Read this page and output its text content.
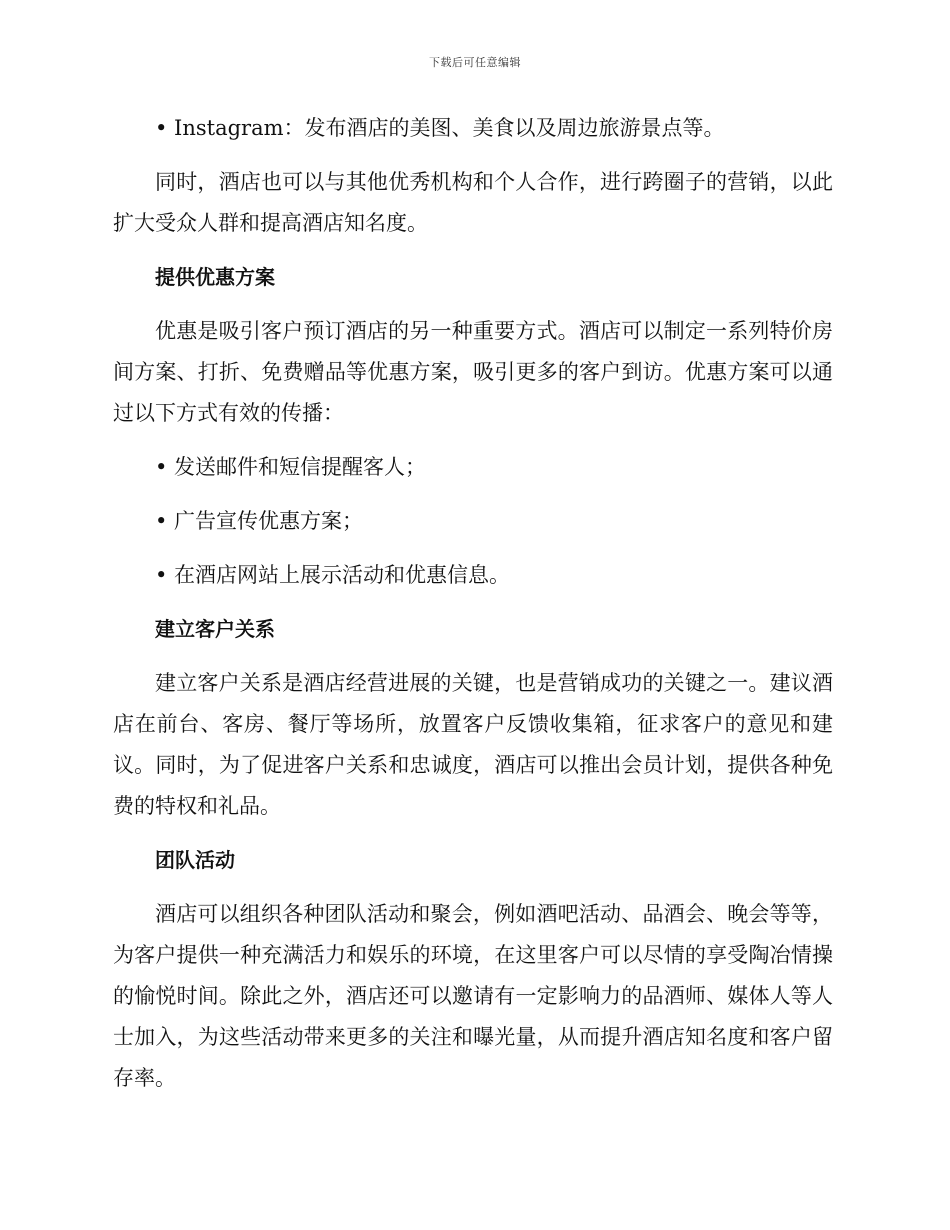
下载后可任意编辑
• Instagram：发布酒店的美图、美食以及周边旅游景点等。
同时，酒店也可以与其他优秀机构和个人合作，进行跨圈子的营销，以此扩大受众人群和提高酒店知名度。
提供优惠方案
优惠是吸引客户预订酒店的另一种重要方式。酒店可以制定一系列特价房间方案、打折、免费赠品等优惠方案，吸引更多的客户到访。优惠方案可以通过以下方式有效的传播：
• 发送邮件和短信提醒客人；
• 广告宣传优惠方案；
• 在酒店网站上展示活动和优惠信息。
建立客户关系
建立客户关系是酒店经营进展的关键，也是营销成功的关键之一。建议酒店在前台、客房、餐厅等场所，放置客户反馈收集箱，征求客户的意见和建议。同时，为了促进客户关系和忠诚度，酒店可以推出会员计划，提供各种免费的特权和礼品。
团队活动
酒店可以组织各种团队活动和聚会，例如酒吧活动、品酒会、晚会等等，为客户提供一种充满活力和娱乐的环境，在这里客户可以尽情的享受陶冶情操的愉悦时间。除此之外，酒店还可以邀请有一定影响力的品酒师、媒体人等人士加入，为这些活动带来更多的关注和曝光量，从而提升酒店知名度和客户留存率。
